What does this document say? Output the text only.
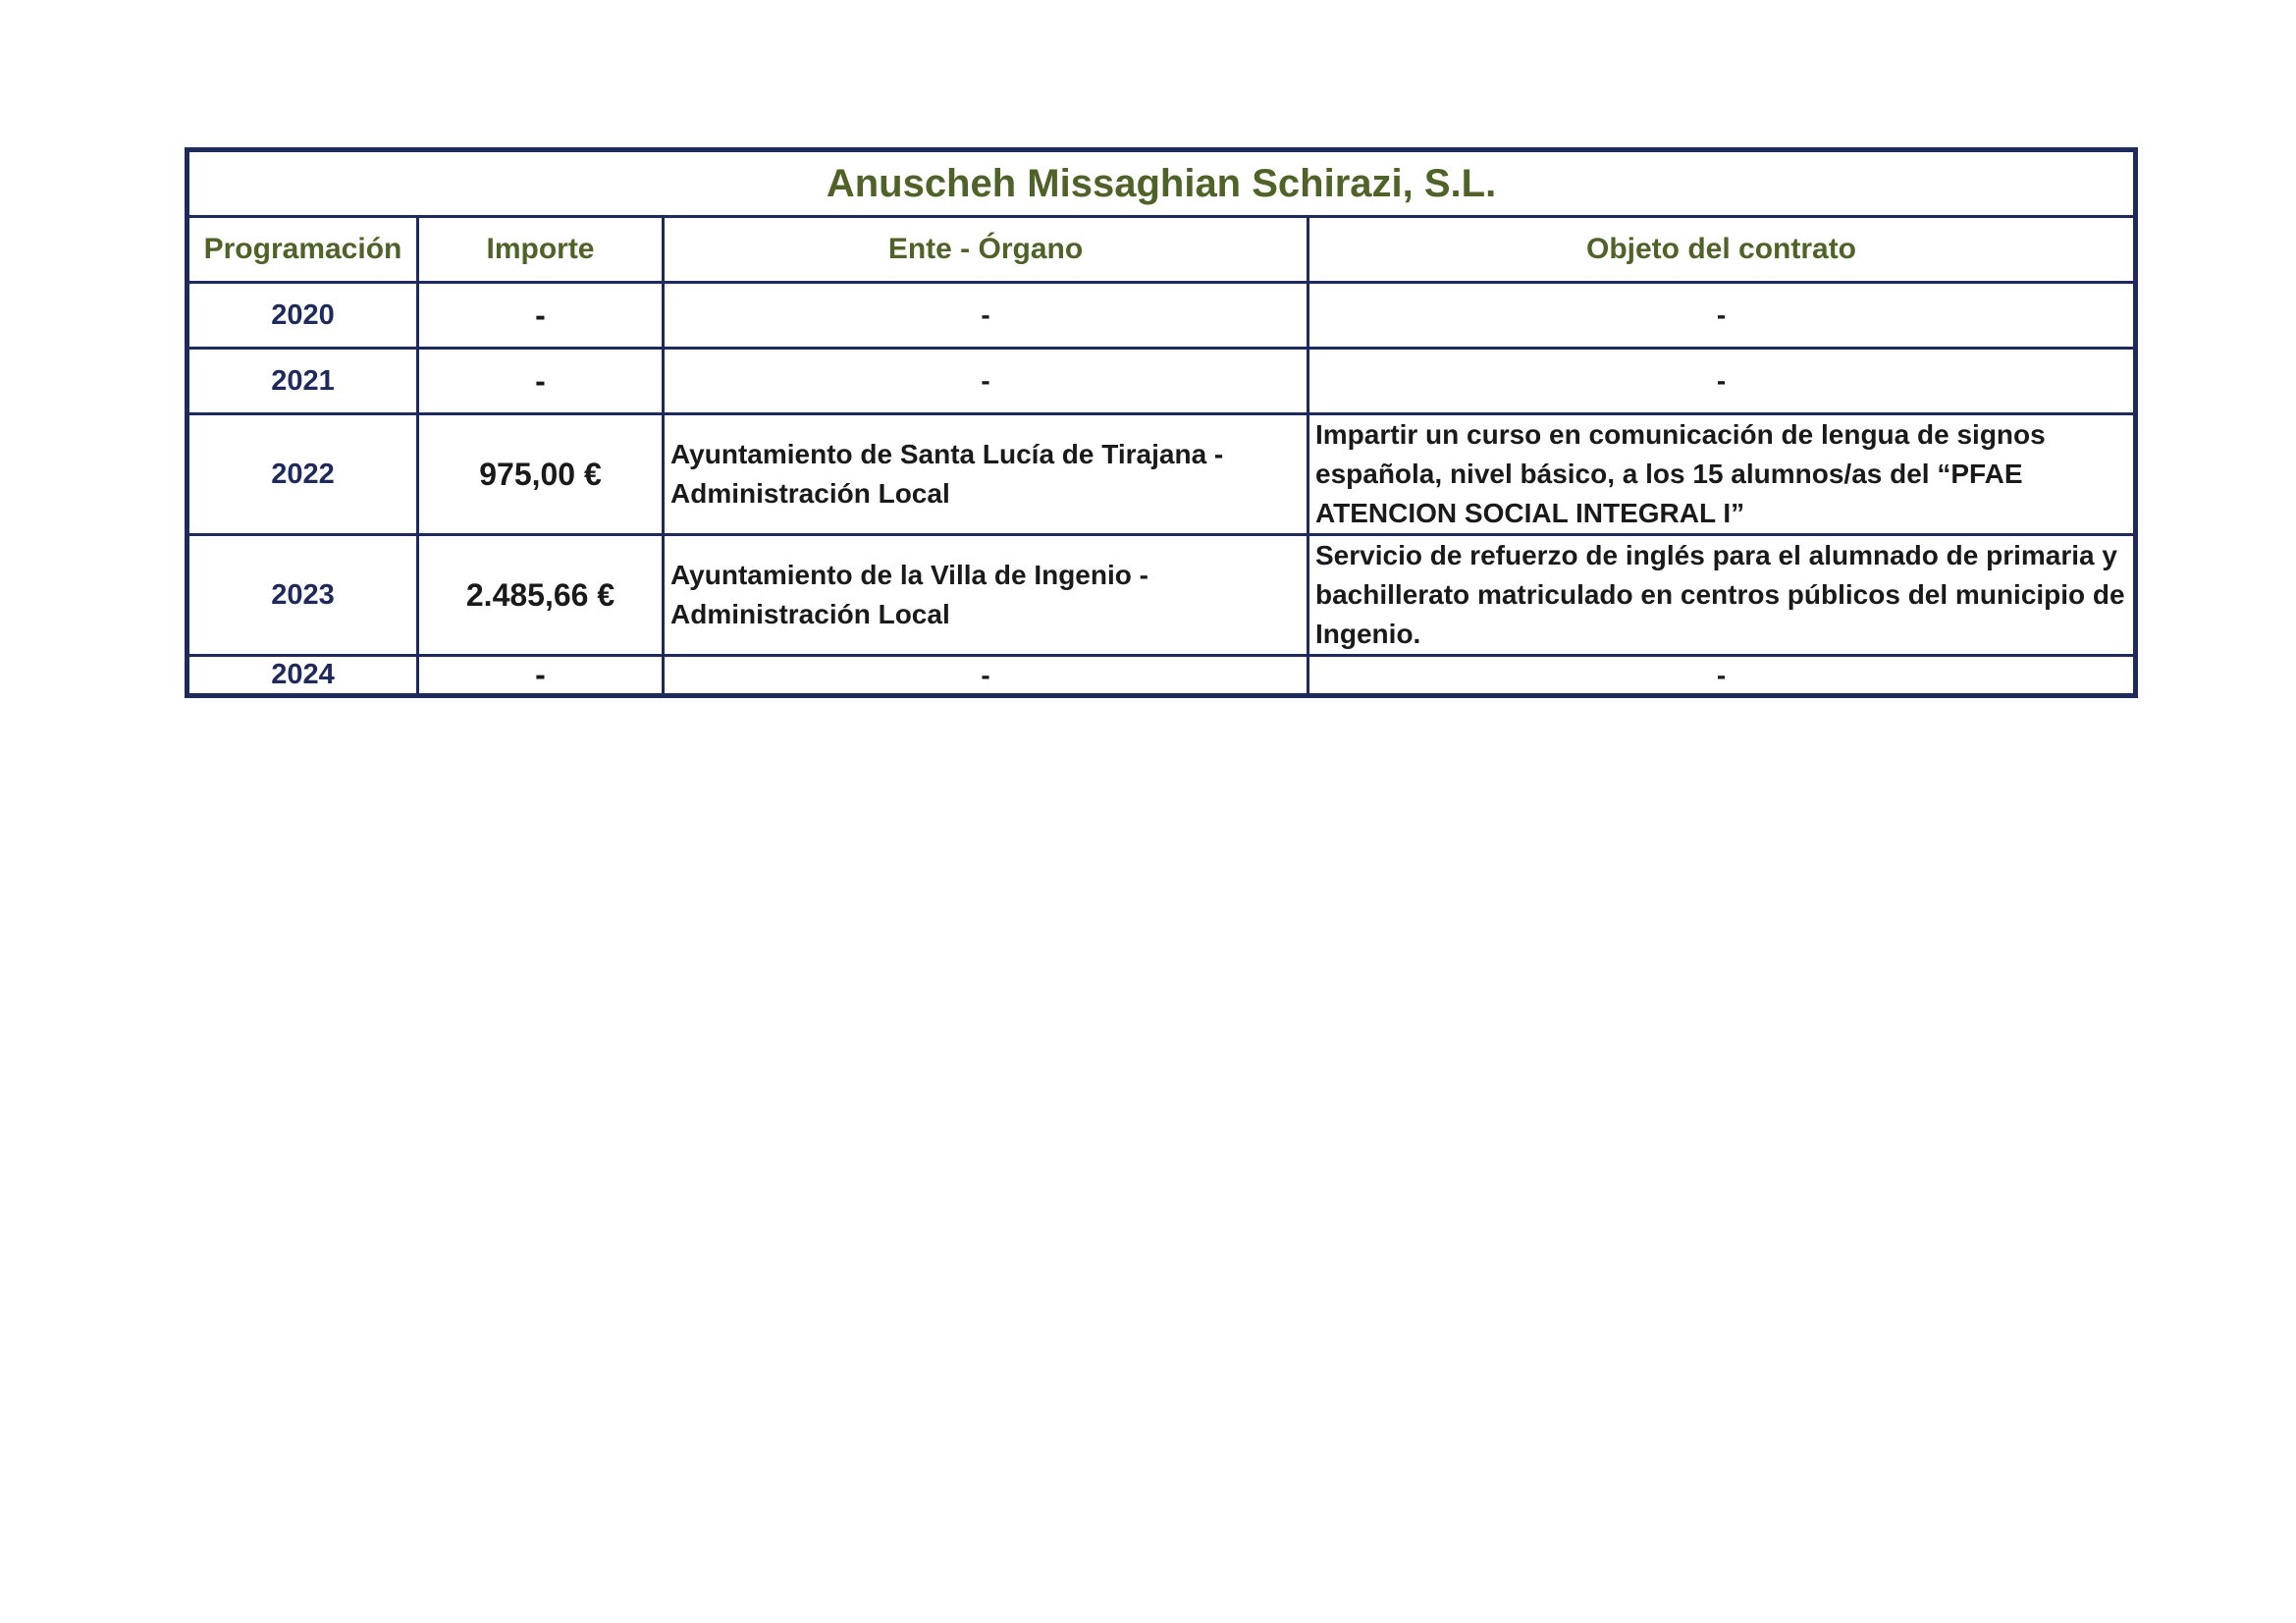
Anuscheh Missaghian Schirazi, S.L.			
Programación	Importe	Ente - Órgano	Objeto del contrato
2020	-	-	-
2021	-	-	-
2022	975,00 €	Ayuntamiento de Santa Lucía de Tirajana - Administración Local	Impartir un curso en comunicación de lengua de signos española, nivel básico, a los 15 alumnos/as del “PFAE ATENCION SOCIAL INTEGRAL I”
2023	2.485,66 €	Ayuntamiento de la Villa de Ingenio - Administración Local	Servicio de refuerzo de inglés para el alumnado de primaria y bachillerato matriculado en centros públicos del municipio de Ingenio.
2024	-	-	-
